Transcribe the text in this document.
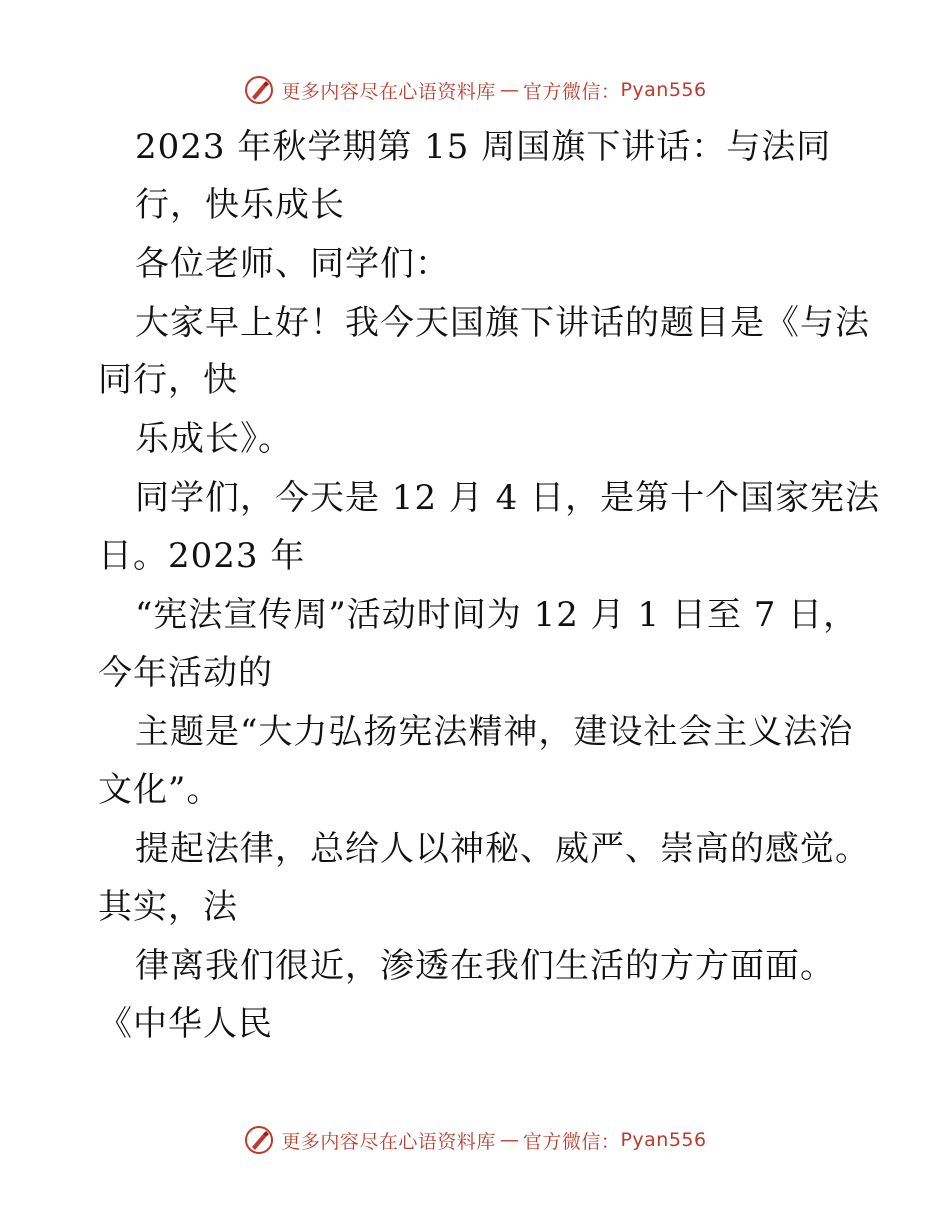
更多内容尽在心语资料库 — 官方微信： Pyan556
2023 年秋学期第 15 周国旗下讲话：与法同
行，快乐成长
各位老师、同学们：
大家早上好！我今天国旗下讲话的题目是《与法
同行，快
乐成长》。
同学们，今天是 12 月 4 日，是第十个国家宪法
日。2023 年
“宪法宣传周”活动时间为 12 月 1 日至 7 日，
今年活动的
主题是“大力弘扬宪法精神，建设社会主义法治
文化”。
提起法律，总给人以神秘、威严、崇高的感觉。
其实，法
律离我们很近，渗透在我们生活的方方面面。
《中华人民
更多内容尽在心语资料库 — 官方微信： Pyan556
